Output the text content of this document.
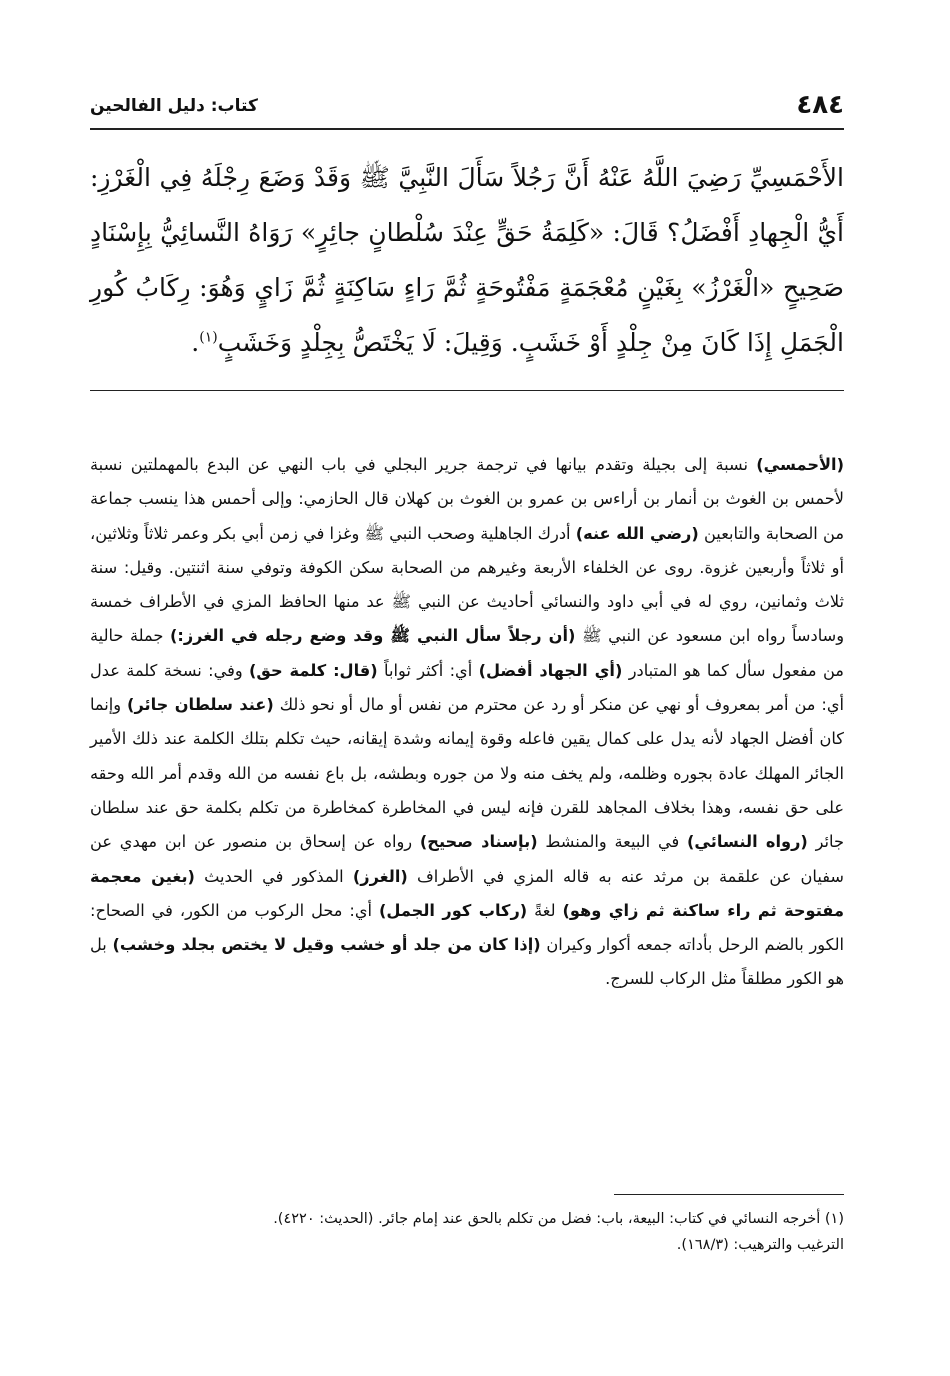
٤٨٤
كتاب: دليل الفالحين
الأَحْمَسِيِّ رَضِيَ اللَّهُ عَنْهُ أَنَّ رَجُلاً سَأَلَ النَّبِيَّ ﷺ وَقَدْ وَضَعَ رِجْلَهُ فِي الْغَرْزِ: أَيُّ الْجِهادِ أَفْضَلُ؟ قَالَ: «كَلِمَةُ حَقٍّ عِنْدَ سُلْطانٍ جائِرٍ» رَوَاهُ النَّسائِيُّ بِإِسْنَادٍ صَحِيحٍ «الْغَرْزُ» بِغَيْنٍ مُعْجَمَةٍ مَفْتُوحَةٍ ثُمَّ رَاءٍ سَاكِنَةٍ ثُمَّ زَايٍ وَهُوَ: رِكَابُ كُورِ الْجَمَلِ إِذَا كَانَ مِنْ جِلْدٍ أَوْ خَشَبٍ. وَقِيلَ: لَا يَخْتَصُّ بِجِلْدٍ وَخَشَبٍ$^{(١)}$.
(الأحمسي) نسبة إلى بجيلة وتقدم بيانها في ترجمة جرير البجلي في باب النهي عن البدع بالمهملتين نسبة لأحمس بن الغوث بن أنمار بن أراءس بن عمرو بن الغوث بن كهلان قال الحازمي: وإلى أحمس هذا ينسب جماعة من الصحابة والتابعين (رضي الله عنه) أدرك الجاهلية وصحب النبي ﷺ وغزا في زمن أبي بكر وعمر ثلاثاً وثلاثين، أو ثلاثاً وأربعين غزوة. روى عن الخلفاء الأربعة وغيرهم من الصحابة سكن الكوفة وتوفي سنة اثنتين. وقيل: سنة ثلاث وثمانين، روي له في أبي داود والنسائي أحاديث عن النبي ﷺ عد منها الحافظ المزي في الأطراف خمسة وسادساً رواه ابن مسعود عن النبي ﷺ (أن رجلاً سأل النبي ﷺ وقد وضع رجله في الغرز:) جملة حالية من مفعول سأل كما هو المتبادر (أي الجهاد أفضل) أي: أكثر ثواباً (قال: كلمة حق) وفي: نسخة كلمة عدل أي: من أمر بمعروف أو نهي عن منكر أو رد عن محترم من نفس أو مال أو نحو ذلك (عند سلطان جائر) وإنما كان أفضل الجهاد لأنه يدل على كمال يقين فاعله وقوة إيمانه وشدة إيقانه، حيث تكلم بتلك الكلمة عند ذلك الأمير الجائر المهلك عادة بجوره وظلمه، ولم يخف منه ولا من جوره وبطشه، بل باع نفسه من الله وقدم أمر الله وحقه على حق نفسه، وهذا بخلاف المجاهد للقرن فإنه ليس في المخاطرة كمخاطرة من تكلم بكلمة حق عند سلطان جائر (رواه النسائي) في البيعة والمنشط (بإسناد صحيح) رواه عن إسحاق بن منصور عن ابن مهدي عن سفيان عن علقمة بن مرثد عنه به قاله المزي في الأطراف (الغرز) المذكور في الحديث (بغين معجمة مفتوحة ثم راء ساكنة ثم زاي وهو) لغةً (ركاب كور الجمل) أي: محل الركوب من الكور، في الصحاح: الكور بالضم الرحل بأداته جمعه أكوار وكيران (إذا كان من جلد أو خشب وقيل لا يختص بجلد وخشب) بل هو الكور مطلقاً مثل الركاب للسرج.
(١) أخرجه النسائي في كتاب: البيعة، باب: فضل من تكلم بالحق عند إمام جائر. (الحديث: ٤٢٢٠).
الترغيب والترهيب: (١٦٨/٣).
